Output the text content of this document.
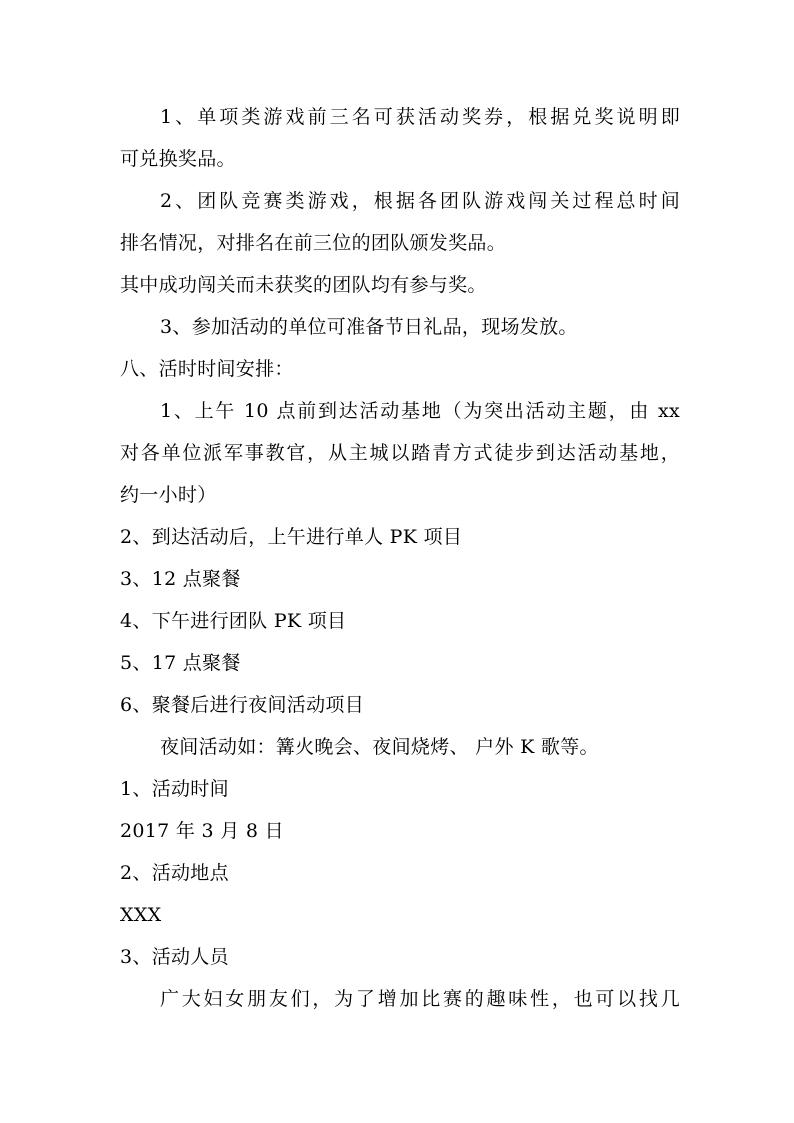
1、单项类游戏前三名可获活动奖券，根据兑奖说明即
可兑换奖品。
2、团队竞赛类游戏，根据各团队游戏闯关过程总时间
排名情况，对排名在前三位的团队颁发奖品。
其中成功闯关而未获奖的团队均有参与奖。
3、参加活动的单位可准备节日礼品，现场发放。
八、活时时间安排：
1、上午 10 点前到达活动基地（为突出活动主题，由 xx
对各单位派军事教官，从主城以踏青方式徒步到达活动基地，
约一小时）
2、到达活动后，上午进行单人 PK 项目
3、12 点聚餐
4、下午进行团队 PK 项目
5、17 点聚餐
6、聚餐后进行夜间活动项目
夜间活动如：篝火晚会、夜间烧烤、 户外 K 歌等。
1、活动时间
2017 年 3 月 8 日
2、活动地点
XXX
3、活动人员
广大妇女朋友们，为了增加比赛的趣味性，也可以找几
